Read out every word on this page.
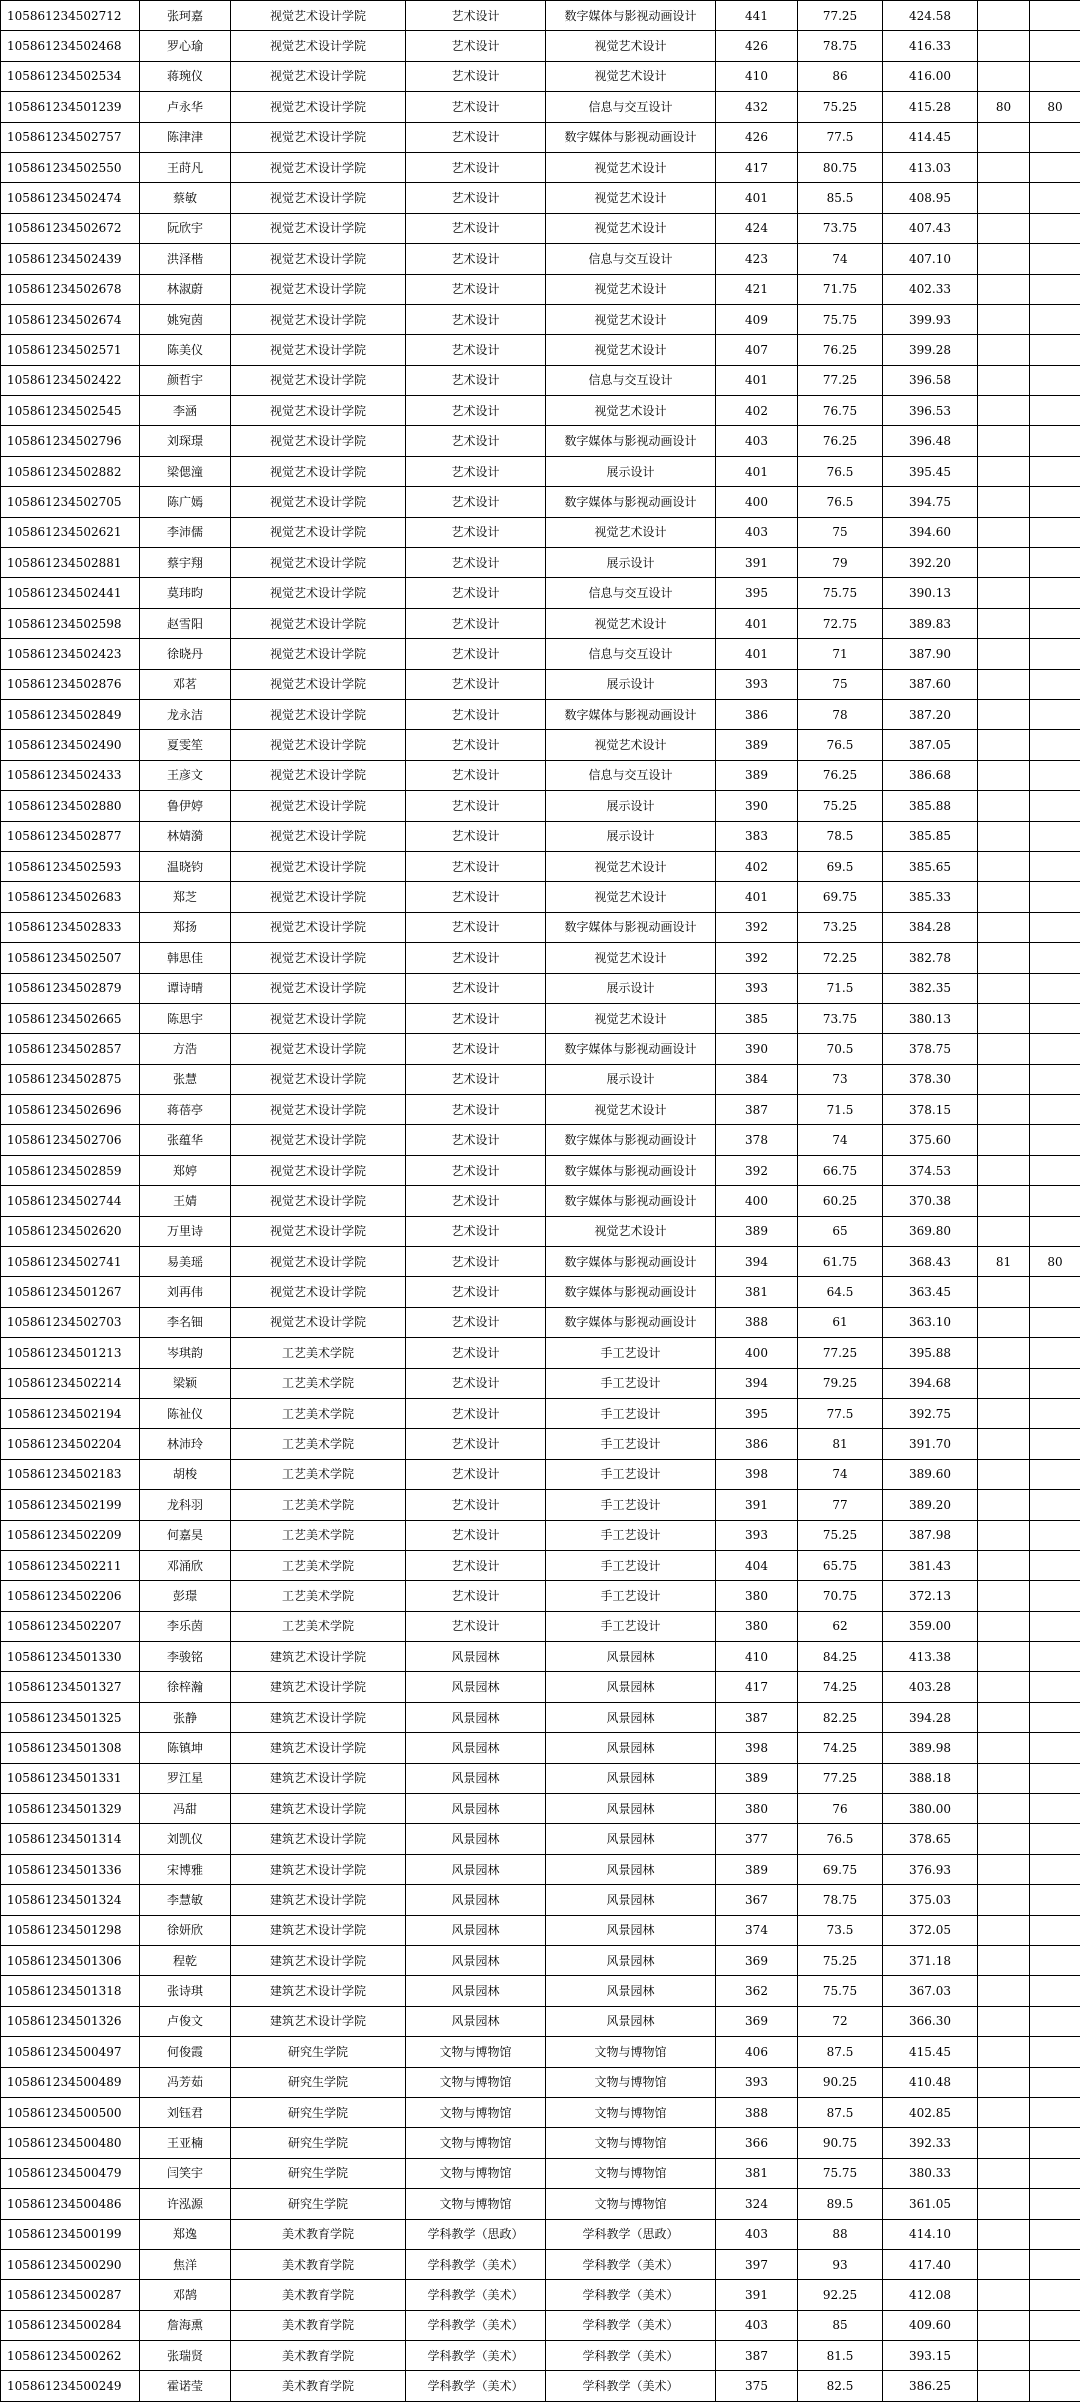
105861234502712	张珂嘉	视觉艺术设计学院	艺术设计	数字媒体与影视动画设计	441	77.25	424.58		
105861234502468	罗心瑜	视觉艺术设计学院	艺术设计	视觉艺术设计	426	78.75	416.33		
105861234502534	蒋琬仪	视觉艺术设计学院	艺术设计	视觉艺术设计	410	86	416.00		
105861234501239	卢永华	视觉艺术设计学院	艺术设计	信息与交互设计	432	75.25	415.28	80	80
105861234502757	陈津津	视觉艺术设计学院	艺术设计	数字媒体与影视动画设计	426	77.5	414.45		
105861234502550	王莳凡	视觉艺术设计学院	艺术设计	视觉艺术设计	417	80.75	413.03		
105861234502474	蔡敏	视觉艺术设计学院	艺术设计	视觉艺术设计	401	85.5	408.95		
105861234502672	阮欣宇	视觉艺术设计学院	艺术设计	视觉艺术设计	424	73.75	407.43		
105861234502439	洪泽楷	视觉艺术设计学院	艺术设计	信息与交互设计	423	74	407.10		
105861234502678	林淑蔚	视觉艺术设计学院	艺术设计	视觉艺术设计	421	71.75	402.33		
105861234502674	姚宛茵	视觉艺术设计学院	艺术设计	视觉艺术设计	409	75.75	399.93		
105861234502571	陈美仪	视觉艺术设计学院	艺术设计	视觉艺术设计	407	76.25	399.28		
105861234502422	颜哲宇	视觉艺术设计学院	艺术设计	信息与交互设计	401	77.25	396.58		
105861234502545	李涵	视觉艺术设计学院	艺术设计	视觉艺术设计	402	76.75	396.53		
105861234502796	刘琛璟	视觉艺术设计学院	艺术设计	数字媒体与影视动画设计	403	76.25	396.48		
105861234502882	梁偲潼	视觉艺术设计学院	艺术设计	展示设计	401	76.5	395.45		
105861234502705	陈广嫣	视觉艺术设计学院	艺术设计	数字媒体与影视动画设计	400	76.5	394.75		
105861234502621	李沛儒	视觉艺术设计学院	艺术设计	视觉艺术设计	403	75	394.60		
105861234502881	蔡宇翔	视觉艺术设计学院	艺术设计	展示设计	391	79	392.20		
105861234502441	莫玮昀	视觉艺术设计学院	艺术设计	信息与交互设计	395	75.75	390.13		
105861234502598	赵雪阳	视觉艺术设计学院	艺术设计	视觉艺术设计	401	72.75	389.83		
105861234502423	徐晓丹	视觉艺术设计学院	艺术设计	信息与交互设计	401	71	387.90		
105861234502876	邓茗	视觉艺术设计学院	艺术设计	展示设计	393	75	387.60		
105861234502849	龙永洁	视觉艺术设计学院	艺术设计	数字媒体与影视动画设计	386	78	387.20		
105861234502490	夏雯笙	视觉艺术设计学院	艺术设计	视觉艺术设计	389	76.5	387.05		
105861234502433	王彦文	视觉艺术设计学院	艺术设计	信息与交互设计	389	76.25	386.68		
105861234502880	鲁伊婷	视觉艺术设计学院	艺术设计	展示设计	390	75.25	385.88		
105861234502877	林婧漪	视觉艺术设计学院	艺术设计	展示设计	383	78.5	385.85		
105861234502593	温晓钧	视觉艺术设计学院	艺术设计	视觉艺术设计	402	69.5	385.65		
105861234502683	郑芝	视觉艺术设计学院	艺术设计	视觉艺术设计	401	69.75	385.33		
105861234502833	郑扬	视觉艺术设计学院	艺术设计	数字媒体与影视动画设计	392	73.25	384.28		
105861234502507	韩思佳	视觉艺术设计学院	艺术设计	视觉艺术设计	392	72.25	382.78		
105861234502879	谭诗晴	视觉艺术设计学院	艺术设计	展示设计	393	71.5	382.35		
105861234502665	陈思宇	视觉艺术设计学院	艺术设计	视觉艺术设计	385	73.75	380.13		
105861234502857	方浩	视觉艺术设计学院	艺术设计	数字媒体与影视动画设计	390	70.5	378.75		
105861234502875	张慧	视觉艺术设计学院	艺术设计	展示设计	384	73	378.30		
105861234502696	蒋蓓亭	视觉艺术设计学院	艺术设计	视觉艺术设计	387	71.5	378.15		
105861234502706	张蕴华	视觉艺术设计学院	艺术设计	数字媒体与影视动画设计	378	74	375.60		
105861234502859	郑婷	视觉艺术设计学院	艺术设计	数字媒体与影视动画设计	392	66.75	374.53		
105861234502744	王婧	视觉艺术设计学院	艺术设计	数字媒体与影视动画设计	400	60.25	370.38		
105861234502620	万里诗	视觉艺术设计学院	艺术设计	视觉艺术设计	389	65	369.80		
105861234502741	易美瑶	视觉艺术设计学院	艺术设计	数字媒体与影视动画设计	394	61.75	368.43	81	80
105861234501267	刘再伟	视觉艺术设计学院	艺术设计	数字媒体与影视动画设计	381	64.5	363.45		
105861234502703	李名钿	视觉艺术设计学院	艺术设计	数字媒体与影视动画设计	388	61	363.10		
105861234501213	岑琪韵	工艺美术学院	艺术设计	手工艺设计	400	77.25	395.88		
105861234502214	梁颖	工艺美术学院	艺术设计	手工艺设计	394	79.25	394.68		
105861234502194	陈祉仪	工艺美术学院	艺术设计	手工艺设计	395	77.5	392.75		
105861234502204	林沛玲	工艺美术学院	艺术设计	手工艺设计	386	81	391.70		
105861234502183	胡梭	工艺美术学院	艺术设计	手工艺设计	398	74	389.60		
105861234502199	龙科羽	工艺美术学院	艺术设计	手工艺设计	391	77	389.20		
105861234502209	何嘉昊	工艺美术学院	艺术设计	手工艺设计	393	75.25	387.98		
105861234502211	邓涌欣	工艺美术学院	艺术设计	手工艺设计	404	65.75	381.43		
105861234502206	彭璟	工艺美术学院	艺术设计	手工艺设计	380	70.75	372.13		
105861234502207	李乐茵	工艺美术学院	艺术设计	手工艺设计	380	62	359.00		
105861234501330	李骏铭	建筑艺术设计学院	风景园林	风景园林	410	84.25	413.38		
105861234501327	徐梓瀚	建筑艺术设计学院	风景园林	风景园林	417	74.25	403.28		
105861234501325	张静	建筑艺术设计学院	风景园林	风景园林	387	82.25	394.28		
105861234501308	陈镇坤	建筑艺术设计学院	风景园林	风景园林	398	74.25	389.98		
105861234501331	罗江星	建筑艺术设计学院	风景园林	风景园林	389	77.25	388.18		
105861234501329	冯甜	建筑艺术设计学院	风景园林	风景园林	380	76	380.00		
105861234501314	刘凯仪	建筑艺术设计学院	风景园林	风景园林	377	76.5	378.65		
105861234501336	宋博雅	建筑艺术设计学院	风景园林	风景园林	389	69.75	376.93		
105861234501324	李慧敏	建筑艺术设计学院	风景园林	风景园林	367	78.75	375.03		
105861234501298	徐妍欣	建筑艺术设计学院	风景园林	风景园林	374	73.5	372.05		
105861234501306	程乾	建筑艺术设计学院	风景园林	风景园林	369	75.25	371.18		
105861234501318	张诗琪	建筑艺术设计学院	风景园林	风景园林	362	75.75	367.03		
105861234501326	卢俊文	建筑艺术设计学院	风景园林	风景园林	369	72	366.30		
105861234500497	何俊霞	研究生学院	文物与博物馆	文物与博物馆	406	87.5	415.45		
105861234500489	冯芳茹	研究生学院	文物与博物馆	文物与博物馆	393	90.25	410.48		
105861234500500	刘钰君	研究生学院	文物与博物馆	文物与博物馆	388	87.5	402.85		
105861234500480	王亚楠	研究生学院	文物与博物馆	文物与博物馆	366	90.75	392.33		
105861234500479	闫笑宇	研究生学院	文物与博物馆	文物与博物馆	381	75.75	380.33		
105861234500486	许泓源	研究生学院	文物与博物馆	文物与博物馆	324	89.5	361.05		
105861234500199	郑逸	美术教育学院	学科教学（思政）	学科教学（思政）	403	88	414.10		
105861234500290	焦洋	美术教育学院	学科教学（美术）	学科教学（美术）	397	93	417.40		
105861234500287	邓鹄	美术教育学院	学科教学（美术）	学科教学（美术）	391	92.25	412.08		
105861234500284	詹海熏	美术教育学院	学科教学（美术）	学科教学（美术）	403	85	409.60		
105861234500262	张瑞贤	美术教育学院	学科教学（美术）	学科教学（美术）	387	81.5	393.15		
105861234500249	霍诺莹	美术教育学院	学科教学（美术）	学科教学（美术）	375	82.5	386.25		
